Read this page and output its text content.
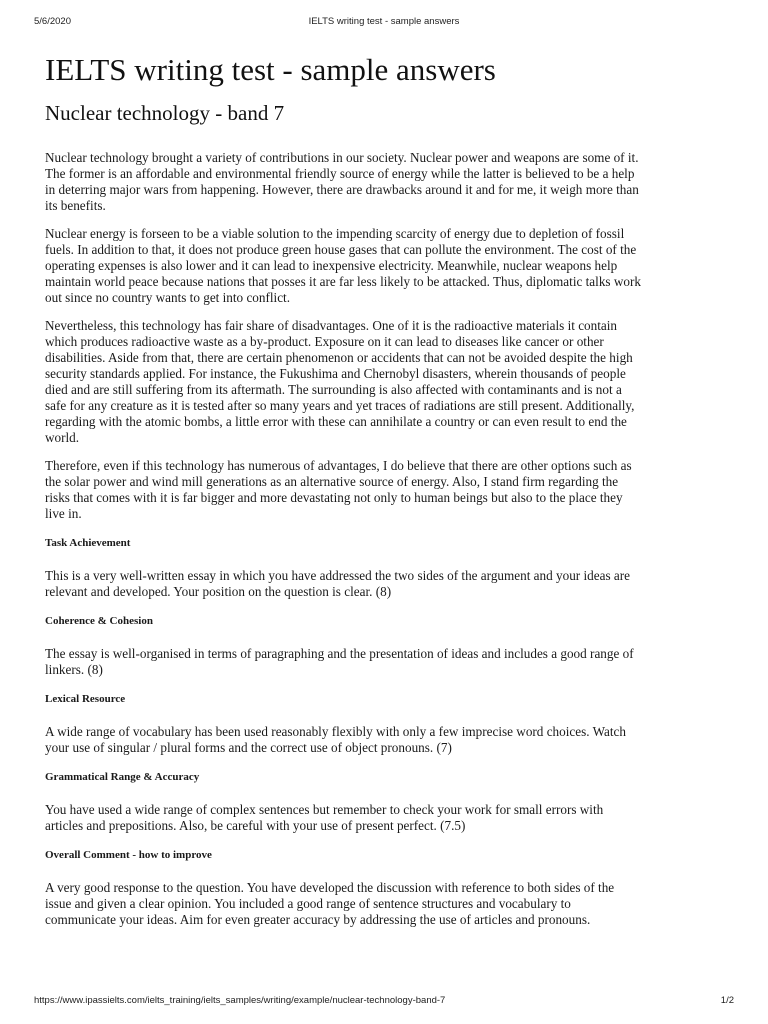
5/6/2020	IELTS writing test - sample answers
IELTS writing test - sample answers
Nuclear technology - band 7

Nuclear technology brought a variety of contributions in our society. Nuclear power and weapons are some of it.
The former is an affordable and environmental friendly source of energy while the latter is believed to be a help
in deterring major wars from happening. However, there are drawbacks around it and for me, it weigh more than
its benefits.

Nuclear energy is forseen to be a viable solution to the impending scarcity of energy due to depletion of fossil
fuels. In addition to that, it does not produce green house gases that can pollute the environment. The cost of the
operating expenses is also lower and it can lead to inexpensive electricity. Meanwhile, nuclear weapons help
maintain world peace because nations that posses it are far less likely to be attacked. Thus, diplomatic talks work
out since no country wants to get into conflict.

Nevertheless, this technology has fair share of disadvantages. One of it is the radioactive materials it contain
which produces radioactive waste as a by-product. Exposure on it can lead to diseases like cancer or other
disabilities. Aside from that, there are certain phenomenon or accidents that can not be avoided despite the high
security standards applied. For instance, the Fukushima and Chernobyl disasters, wherein thousands of people
died and are still suffering from its aftermath. The surrounding is also affected with contaminants and is not a
safe for any creature as it is tested after so many years and yet traces of radiations are still present. Additionally,
regarding with the atomic bombs, a little error with these can annihilate a country or can even result to end the
world.

Therefore, even if this technology has numerous of advantages, I do believe that there are other options such as
the solar power and wind mill generations as an alternative source of energy. Also, I stand firm regarding the
risks that comes with it is far bigger and more devastating not only to human beings but also to the place they
live in.

Task Achievement

This is a very well-written essay in which you have addressed the two sides of the argument and your ideas are
relevant and developed. Your position on the question is clear. (8)

Coherence & Cohesion

The essay is well-organised in terms of paragraphing and the presentation of ideas and includes a good range of
linkers. (8)

Lexical Resource

A wide range of vocabulary has been used reasonably flexibly with only a few imprecise word choices. Watch
your use of singular / plural forms and the correct use of object pronouns. (7)

Grammatical Range & Accuracy

You have used a wide range of complex sentences but remember to check your work for small errors with
articles and prepositions. Also, be careful with your use of present perfect. (7.5)

Overall Comment - how to improve

A very good response to the question. You have developed the discussion with reference to both sides of the
issue and given a clear opinion. You included a good range of sentence structures and vocabulary to
communicate your ideas. Aim for even greater accuracy by addressing the use of articles and pronouns.

https://www.ipassielts.com/ielts_training/ielts_samples/writing/example/nuclear-technology-band-7	1/2
